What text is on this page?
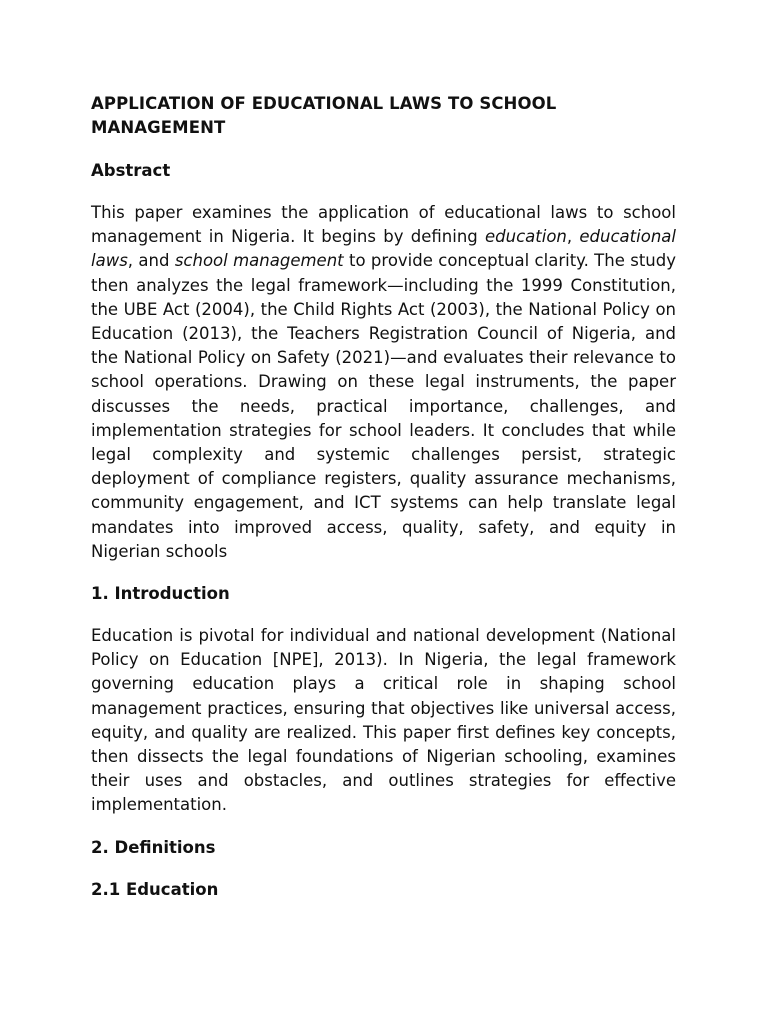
APPLICATION OF EDUCATIONAL LAWS TO SCHOOL MANAGEMENT
Abstract

This paper examines the application of educational laws to school management in Nigeria. It begins by defining education, educational laws, and school management to provide conceptual clarity. The study then analyzes the legal framework—including the 1999 Constitution, the UBE Act (2004), the Child Rights Act (2003), the National Policy on Education (2013), the Teachers Registration Council of Nigeria, and the National Policy on Safety (2021)—and evaluates their relevance to school operations. Drawing on these legal instruments, the paper discusses the needs, practical importance, challenges, and implementation strategies for school leaders. It concludes that while legal complexity and systemic challenges persist, strategic deployment of compliance registers, quality assurance mechanisms, community engagement, and ICT systems can help translate legal mandates into improved access, quality, safety, and equity in Nigerian schools

1. Introduction

Education is pivotal for individual and national development (National Policy on Education [NPE], 2013). In Nigeria, the legal framework governing education plays a critical role in shaping school management practices, ensuring that objectives like universal access, equity, and quality are realized. This paper first defines key concepts, then dissects the legal foundations of Nigerian schooling, examines their uses and obstacles, and outlines strategies for effective implementation.

2. Definitions
2.1 Education
